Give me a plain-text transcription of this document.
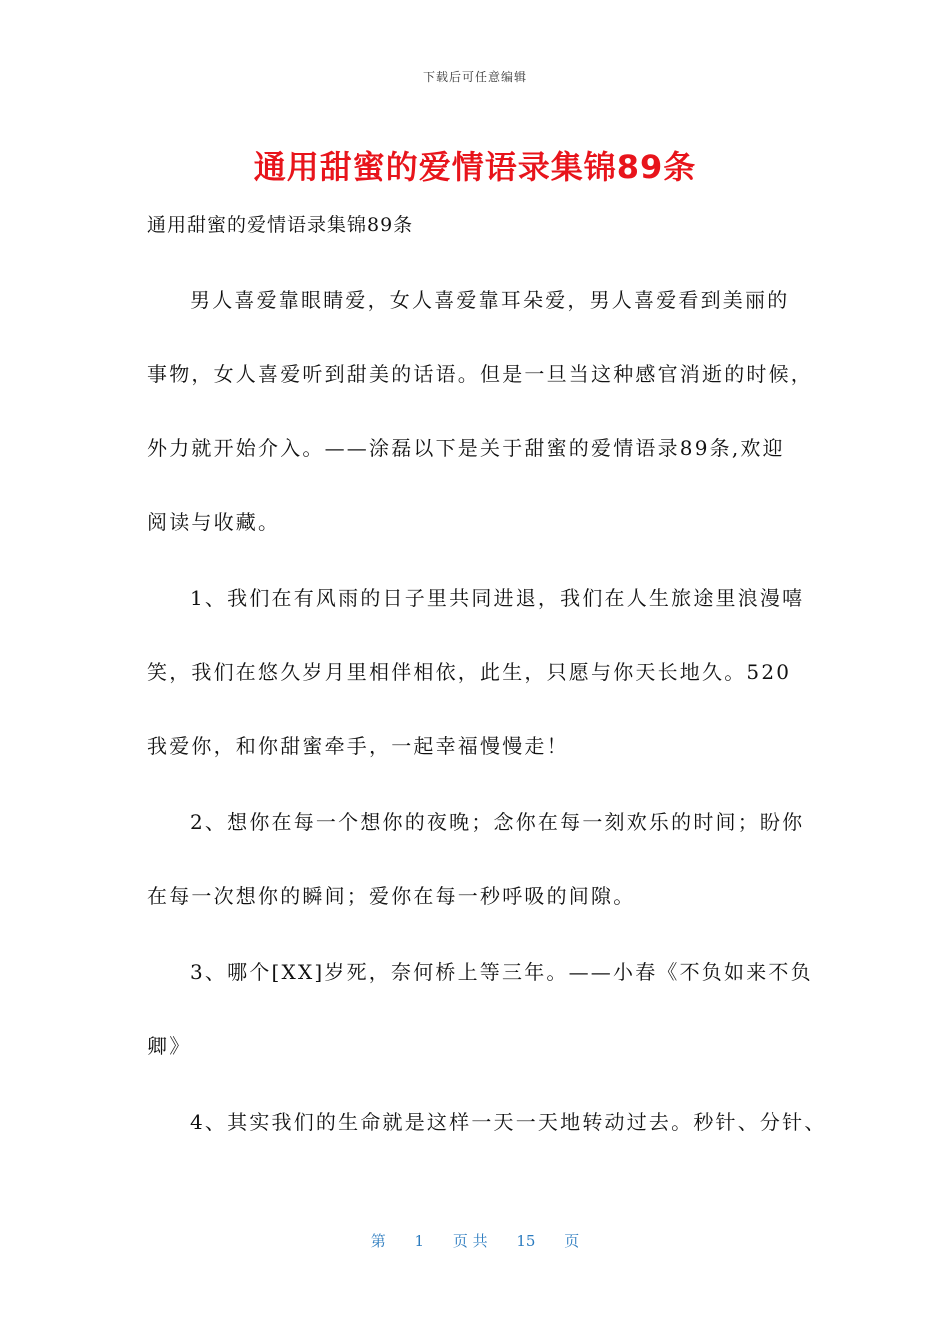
下载后可任意编辑
通用甜蜜的爱情语录集锦89条
通用甜蜜的爱情语录集锦89条
男人喜爱靠眼睛爱，女人喜爱靠耳朵爱，男人喜爱看到美丽的
事物，女人喜爱听到甜美的话语。但是一旦当这种感官消逝的时候，
外力就开始介入。——涂磊以下是关于甜蜜的爱情语录89条,欢迎
阅读与收藏。
1、我们在有风雨的日子里共同进退，我们在人生旅途里浪漫嘻
笑，我们在悠久岁月里相伴相依，此生，只愿与你天长地久。520
我爱你，和你甜蜜牵手，一起幸福慢慢走！
2、想你在每一个想你的夜晚；念你在每一刻欢乐的时间；盼你
在每一次想你的瞬间；爱你在每一秒呼吸的间隙。
3、哪个[XX]岁死，奈何桥上等三年。——小春《不负如来不负
卿》
4、其实我们的生命就是这样一天一天地转动过去。秒针、分针、
第 1 页 共 15 页
